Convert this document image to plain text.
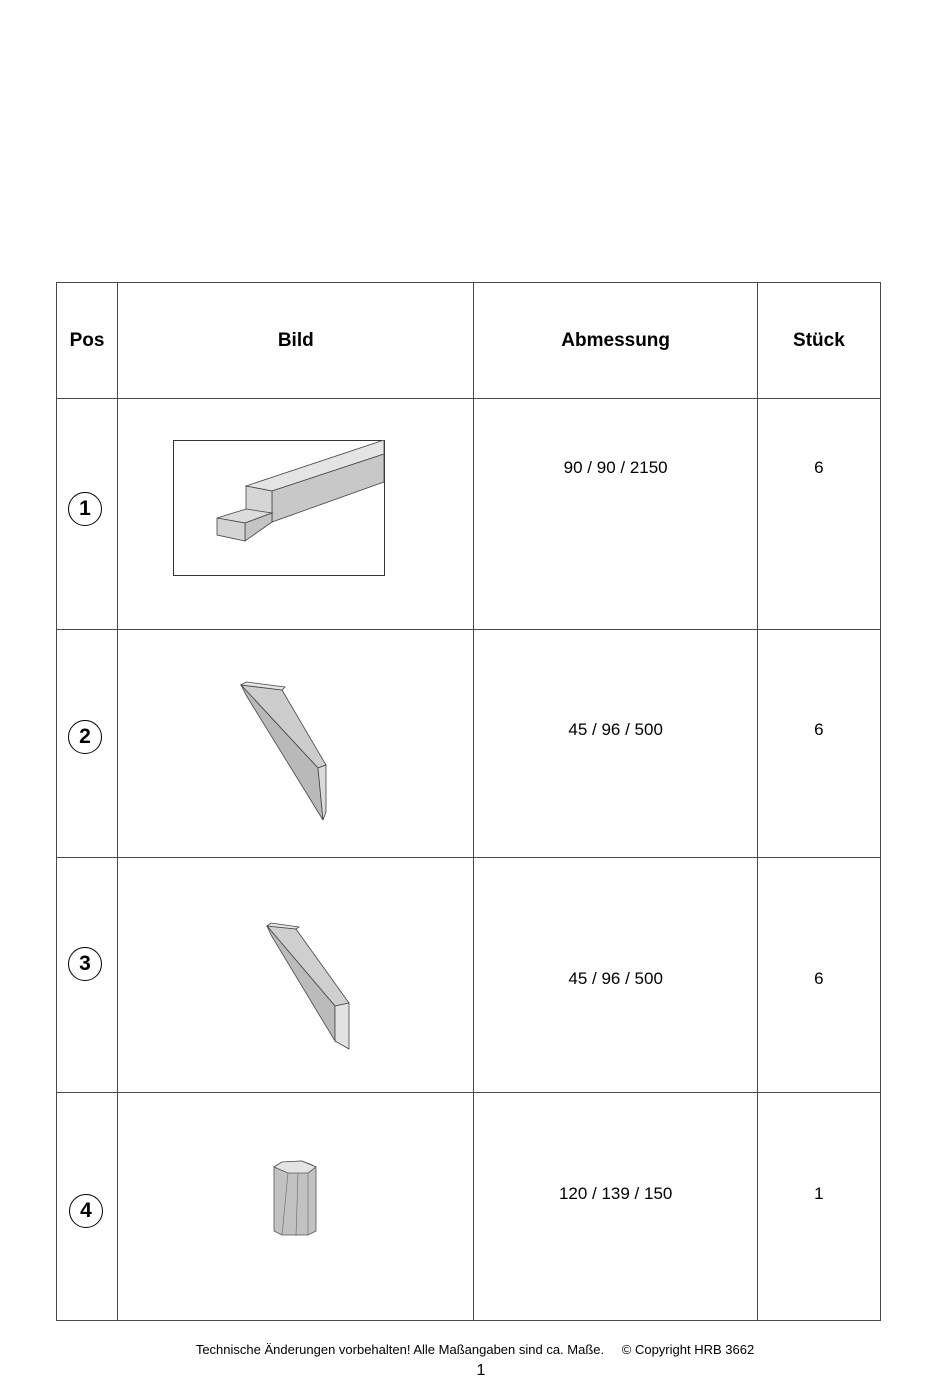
Pos	Bild	Abmessung	Stück

1		90 / 90 / 2150	6

2		45 / 96 / 500	6

3		45 / 96 / 500	6

4		120 / 139 / 150	1
Technische Änderungen vorbehalten! Alle Maßangaben sind ca. Maße. © Copyright HRB 3662
1
